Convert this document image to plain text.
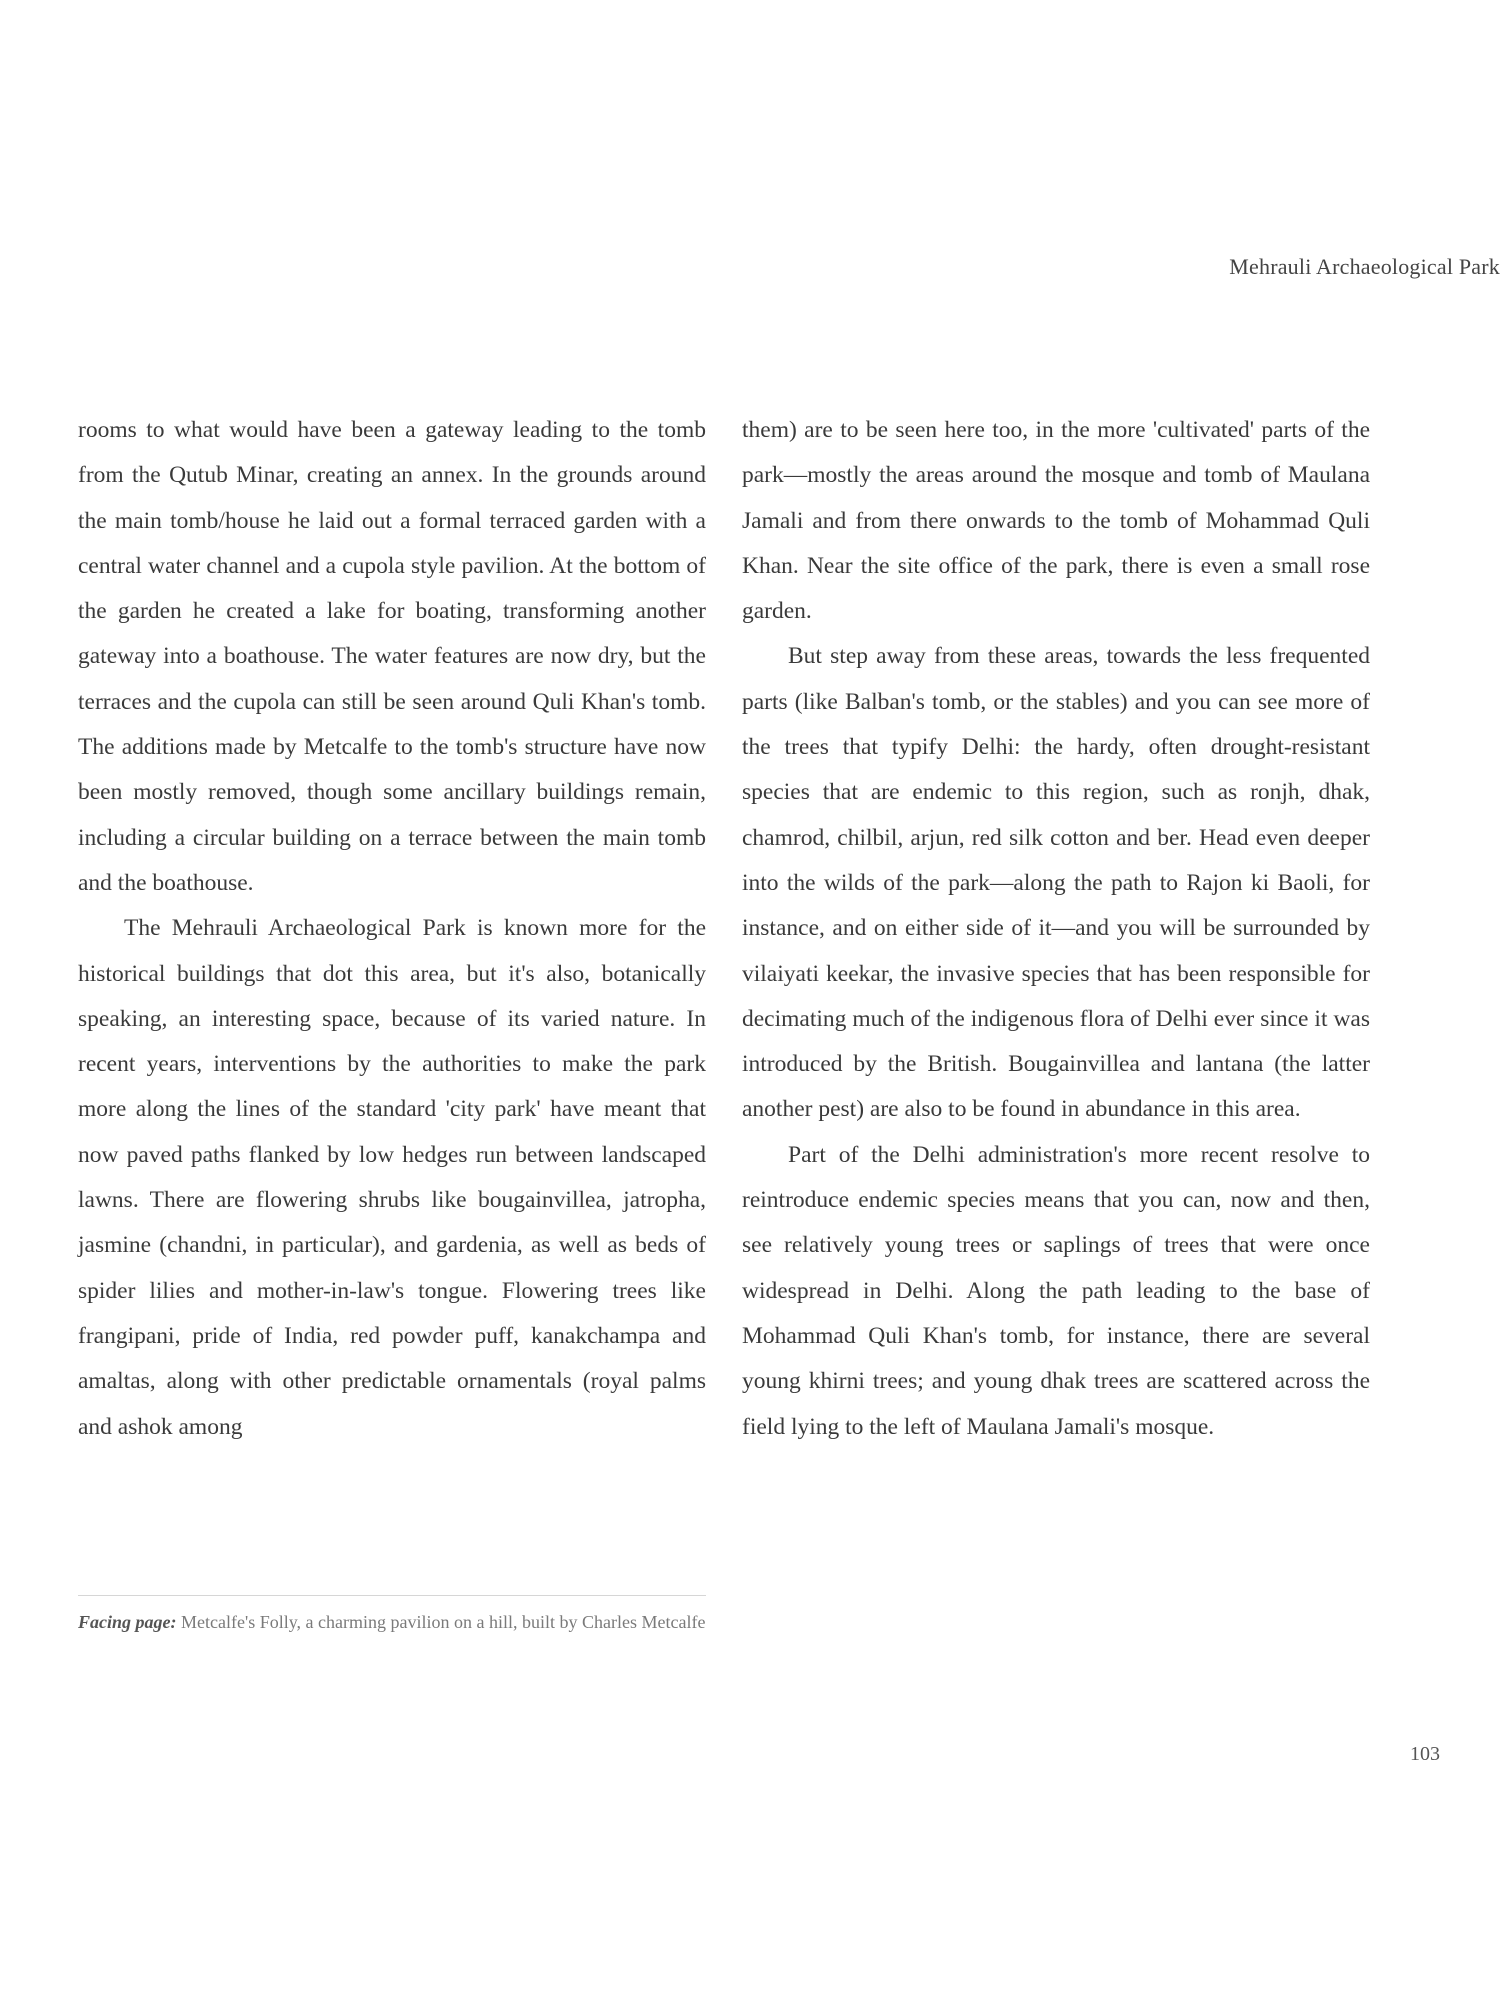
Mehrauli Archaeological Park

rooms to what would have been a gateway leading to the tomb from the Qutub Minar, creating an annex. In the grounds around the main tomb/house he laid out a formal terraced garden with a central water channel and a cupola style pavilion. At the bottom of the garden he created a lake for boating, transforming another gateway into a boathouse. The water features are now dry, but the terraces and the cupola can still be seen around Quli Khan's tomb. The additions made by Metcalfe to the tomb's structure have now been mostly removed, though some ancillary buildings remain, including a circular building on a terrace between the main tomb and the boathouse.

The Mehrauli Archaeological Park is known more for the historical buildings that dot this area, but it's also, botanically speaking, an interesting space, because of its varied nature. In recent years, interventions by the authorities to make the park more along the lines of the standard 'city park' have meant that now paved paths flanked by low hedges run between landscaped lawns. There are flowering shrubs like bougainvillea, jatropha, jasmine (chandni, in particular), and gardenia, as well as beds of spider lilies and mother-in-law's tongue. Flowering trees like frangipani, pride of India, red powder puff, kanakchampa and amaltas, along with other predictable ornamentals (royal palms and ashok among

them) are to be seen here too, in the more 'cultivated' parts of the park—mostly the areas around the mosque and tomb of Maulana Jamali and from there onwards to the tomb of Mohammad Quli Khan. Near the site office of the park, there is even a small rose garden.

But step away from these areas, towards the less frequented parts (like Balban's tomb, or the stables) and you can see more of the trees that typify Delhi: the hardy, often drought-resistant species that are endemic to this region, such as ronjh, dhak, chamrod, chilbil, arjun, red silk cotton and ber. Head even deeper into the wilds of the park—along the path to Rajon ki Baoli, for instance, and on either side of it—and you will be surrounded by vilaiyati keekar, the invasive species that has been responsible for decimating much of the indigenous flora of Delhi ever since it was introduced by the British. Bougainvillea and lantana (the latter another pest) are also to be found in abundance in this area.

Part of the Delhi administration's more recent resolve to reintroduce endemic species means that you can, now and then, see relatively young trees or saplings of trees that were once widespread in Delhi. Along the path leading to the base of Mohammad Quli Khan's tomb, for instance, there are several young khirni trees; and young dhak trees are scattered across the field lying to the left of Maulana Jamali's mosque.

Facing page: Metcalfe's Folly, a charming pavilion on a hill, built by Charles Metcalfe

103
